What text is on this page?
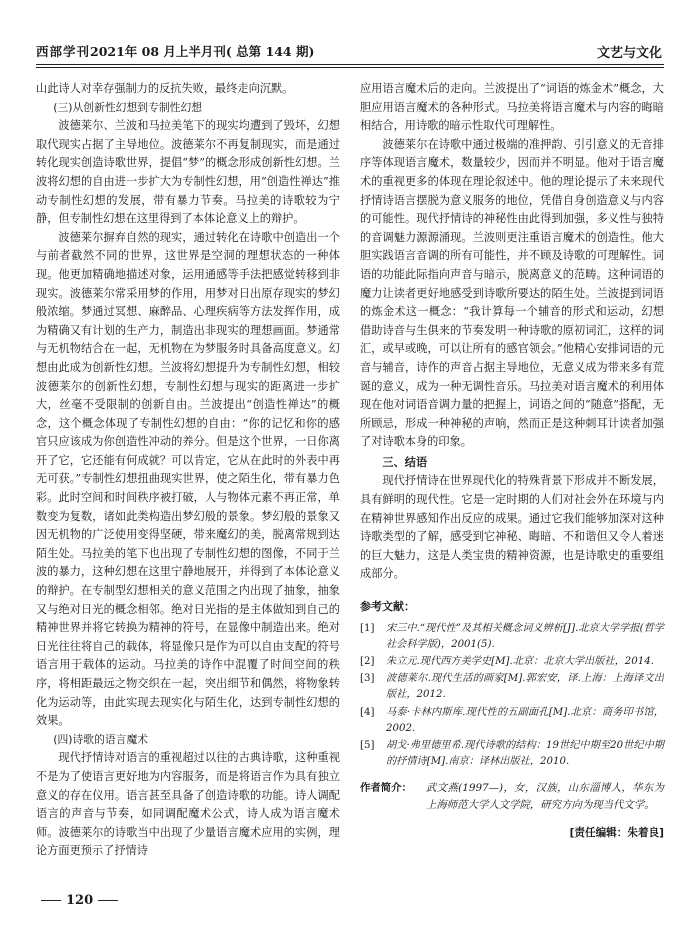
西部学刊2021年 08 月上半月刊( 总第 144 期)	文艺与文化

山此诗人对幸存强制力的反抗失败，最终走向沉默。

(三)从创新性幻想到专制性幻想

波德莱尔、兰波和马拉美笔下的现实均遭到了毁坏，幻想取代现实占据了主导地位。波德莱尔不再复制现实，而是通过转化现实创造诗歌世界，提倡“梦”的概念形成创新性幻想。兰波将幻想的自由进一步扩大为专制性幻想，用“创造性禅达”推动专制性幻想的发展，带有暴力节奏。马拉美的诗歌较为宁静，但专制性幻想在这里得到了本体论意义上的辩护。

波德莱尔摒弃自然的现实，通过转化在诗歌中创造出一个与前者截然不同的世界，这世界是空洞的理想状态的一种体现。他更加精确地描述对象，运用通感等手法把感觉转移到非现实。波德莱尔常采用梦的作用，用梦对日出原存现实的梦幻般浓缩。梦通过冥想、麻醉品、心理疾病等方法发挥作用，成为精确又有计划的生产力，制造出非现实的理想画面。梦通常与无机物结合在一起，无机物在为梦服务时具备高度意义。幻想由此成为创新性幻想。兰波将幻想提升为专制性幻想，相较波德莱尔的创新性幻想，专制性幻想与现实的距离进一步扩大，丝毫不受限制的创新自由。兰波提出“创造性禅达”的概念，这个概念体现了专制性幻想的自由：“你的记忆和你的感官只应该成为你创造性冲动的养分。但是这个世界，一日你离开了它，它还能有何成就？可以肯定，它从在此时的外表中再无可获。”专制性幻想扭曲现实世界，使之陌生化，带有暴力色彩。此时空间和时间秩序被打破，人与物体元素不再正常，单数变为复数，诸如此类构造出梦幻般的景象。梦幻般的景象又因无机物的广泛使用变得坚硬，带来魔幻的美，脱离常规到达陌生处。马拉美的笔下也出现了专制性幻想的图像，不同于兰波的暴力，这种幻想在这里宁静地展开，并得到了本体论意义的辩护。在专制型幻想相关的意义范围之内出现了抽象，抽象又与绝对日光的概念相邻。绝对日光指的是主体做知到自己的精神世界并将它转换为精神的符号，在显像中制造出来。绝对日光往往将自己的载体，将显像只是作为可以自由支配的符号语言用于载体的运动。马拉美的诗作中混覆了时间空间的秩序，将相距最远之物交织在一起，突出细节和偶然，将物象转化为运动等，由此实现去现实化与陌生化，达到专制性幻想的效果。

(四)诗歌的语言魔术

现代抒情诗对语言的重视超过以往的古典诗歌，这种重视不是为了使语言更好地为内容服务，而是将语言作为具有独立意义的存在仪用。语言甚至具备了创造诗歌的功能。诗人调配语言的声音与节奏，如同调配魔术公式，诗人成为语言魔术师。波德莱尔的诗歌当中出现了少量语言魔术应用的实例，理论方面更预示了抒情诗

应用语言魔术后的走向。兰波提出了“词语的炼金术”概念，大胆应用语言魔术的各种形式。马拉美将语言魔术与内容的晦暗相结合，用诗歌的暗示性取代可理解性。

波德莱尔在诗歌中通过极端的准押韵、引引意义的无音排序等体现语言魔术，数量较少，因而并不明显。他对于语言魔术的重视更多的体现在理论叙述中。他的理论提示了未来现代抒情诗语言摆脱为意义服务的地位，凭借自身创造意义与内容的可能性。现代抒情诗的神秘性由此得到加强，多义性与独特的音调魅力源源涌现。兰波则更注重语言魔术的创造性。他大胆实践语言音调的所有可能性，并不顾及诗歌的可理解性。词语的功能此际指向声音与暗示，脱离意义的范畴。这种词语的魔力让读者更好地感受到诗歌所要达的陌生处。兰波提到词语的炼金术这一概念：“我计算每一个辅音的形式和运动，幻想借助诗音与生俱来的节奏发明一种诗歌的原初词汇，这样的词汇，或早或晚，可以让所有的感官领会。”他精心安排词语的元音与辅音，诗作的声音占据主导地位，无意义成为带来多有荒诞的意义，成为一种无调性音乐。马拉美对语言魔术的利用体现在他对词语音调力量的把握上，词语之间的“随意”搭配，无所顾忌，形成一种神秘的声响，然而正是这种刺耳计读者加强了对诗歌本身的印象。

三、结语

现代抒情诗在世界现代化的特殊背景下形成并不断发展，具有鲜明的现代性。它是一定时期的人们对社会外在环境与内在精神世界感知作出反应的成果。通过它我们能够加深对这种诗歌类型的了解，感受到它神秘、晦暗、不和谐但又令人着迷的巨大魅力，这是人类宝贵的精神资源，也是诗歌史的重要组成部分。

参考文献：
[1]	宋三中.“现代性”及其相关概念词义辨析[J].北京大学学报(哲学社会科学版)，2001(5).
[2]	朱立元.现代西方美学史[M].北京：北京大学出版社，2014.
[3]	波德莱尔.现代生活的画家[M].郭宏安，译.上海：上海译文出版社，2012.
[4]	马泰·卡林内斯库.现代性的五副面孔[M].北京：商务印书馆，2002.
[5]	胡戈·弗里德里希.现代诗歌的结构：19世纪中期至20世纪中期的抒情诗[M].南京：译林出版社，2010.
作者简介：	武文燕(1997—)，女，汉族，山东淄博人，华东为上海师范大学人文学院，研究方向为现当代文学。
[责任编辑：朱着良]
120
